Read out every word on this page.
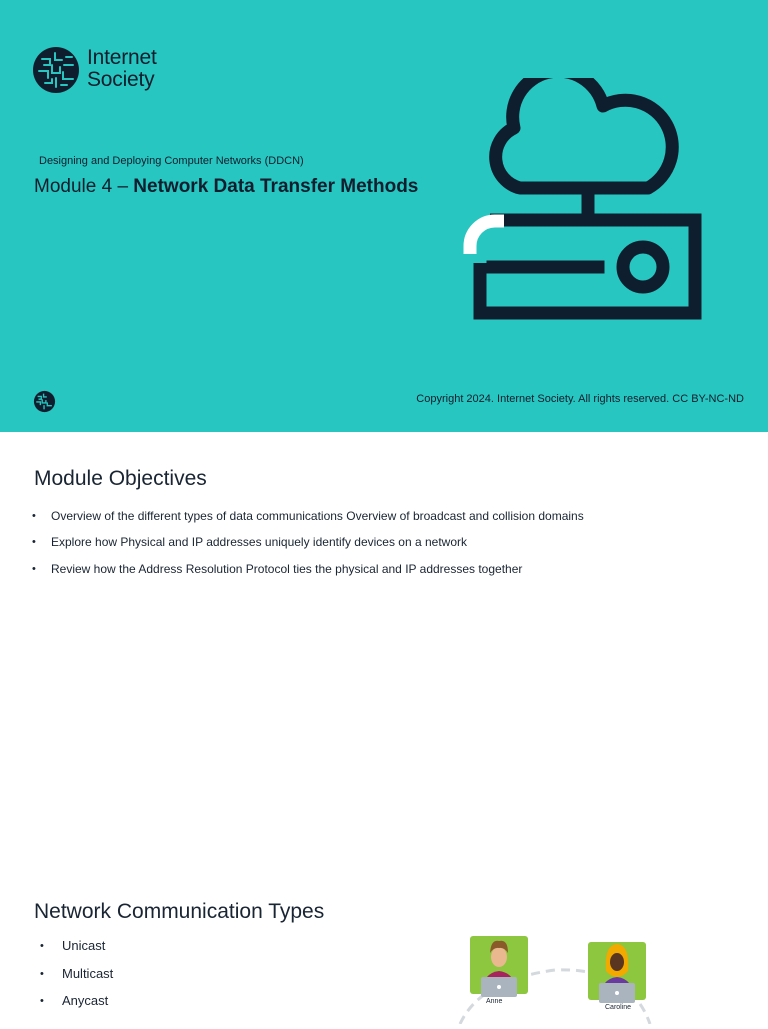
Internet
Society
Designing and Deploying Computer Networks (DDCN)
Module 4 – Network Data Transfer Methods
Copyright 2024. Internet Society. All rights reserved. CC BY-NC-ND
Module Objectives
• Overview of the different types of data communications Overview of broadcast and collision domains
• Explore how Physical and IP addresses uniquely identify devices on a network
• Review how the Address Resolution Protocol ties the physical and IP addresses together
Network Communication Types
• Unicast
• Multicast
• Anycast	Anne
Caroline
